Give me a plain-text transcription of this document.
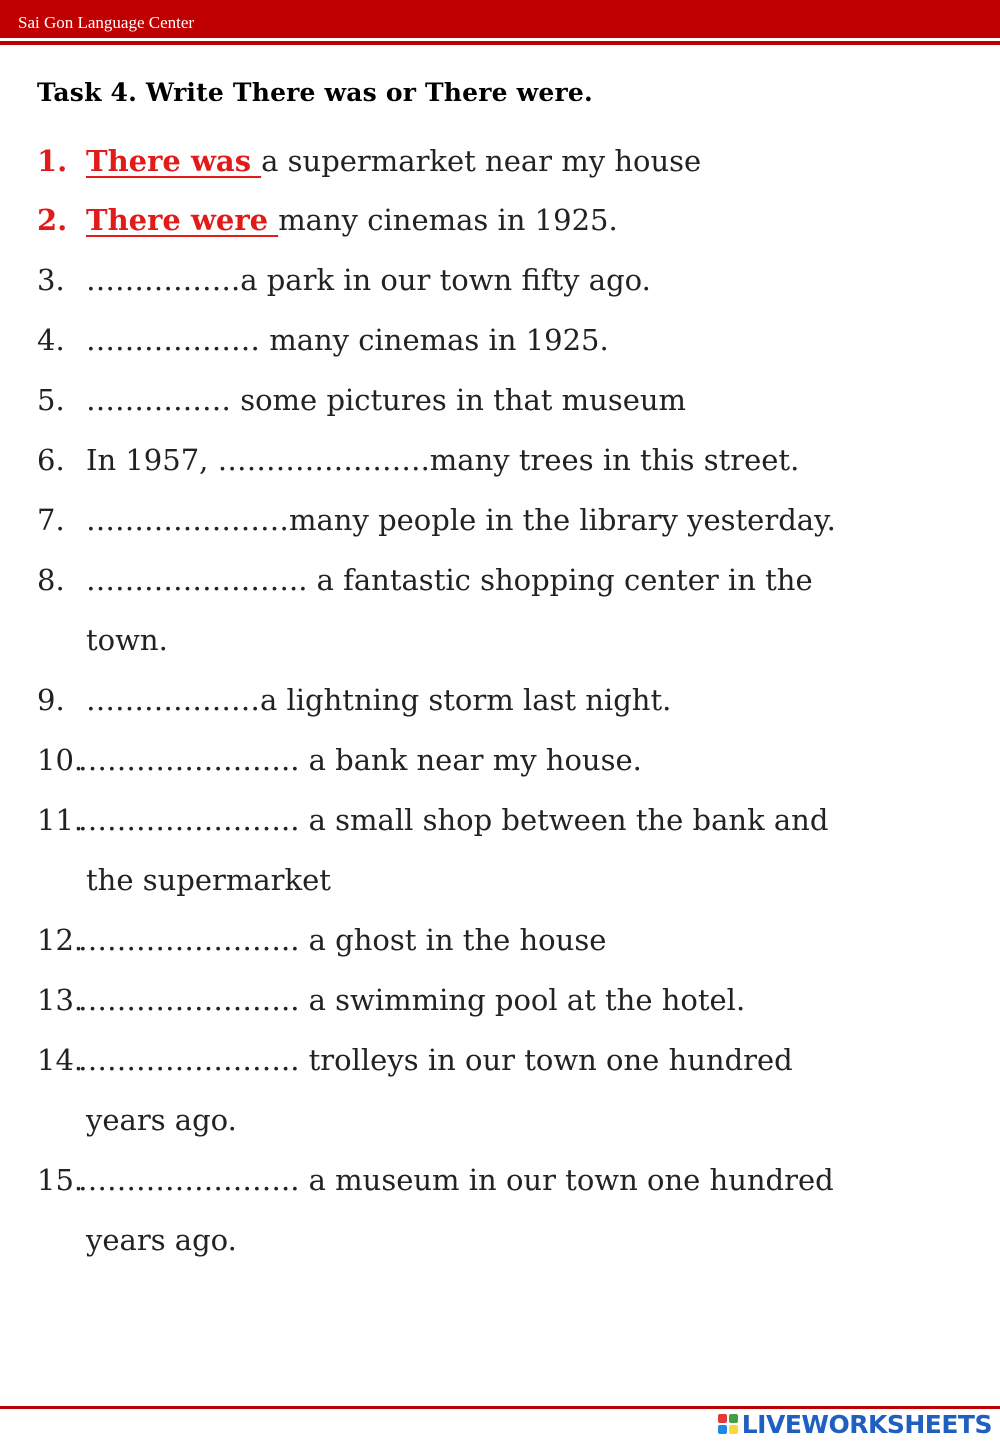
Sai Gon Language Center
Task 4. Write There was or There were.
1. There was a supermarket near my house
2. There were many cinemas in 1925.
3. …………….a park in our town fifty ago.
4. ……………… many cinemas in 1925.
5. …………… some pictures in that museum
6. In 1957, ………………….many trees in this street.
7. …………………many people in the library yesterday.
8. ………………….. a fantastic shopping center in the
town.
9. ………………a lightning storm last night.
10.
………………….. a bank near my house.
11.
………………….. a small shop between the bank and
the supermarket
12.
………………….. a ghost in the house
13.
………………….. a swimming pool at the hotel.
14.
………………….. trolleys in our town one hundred
years ago.
15.
………………….. a museum in our town one hundred
years ago.
LIVEWORKSHEETS
